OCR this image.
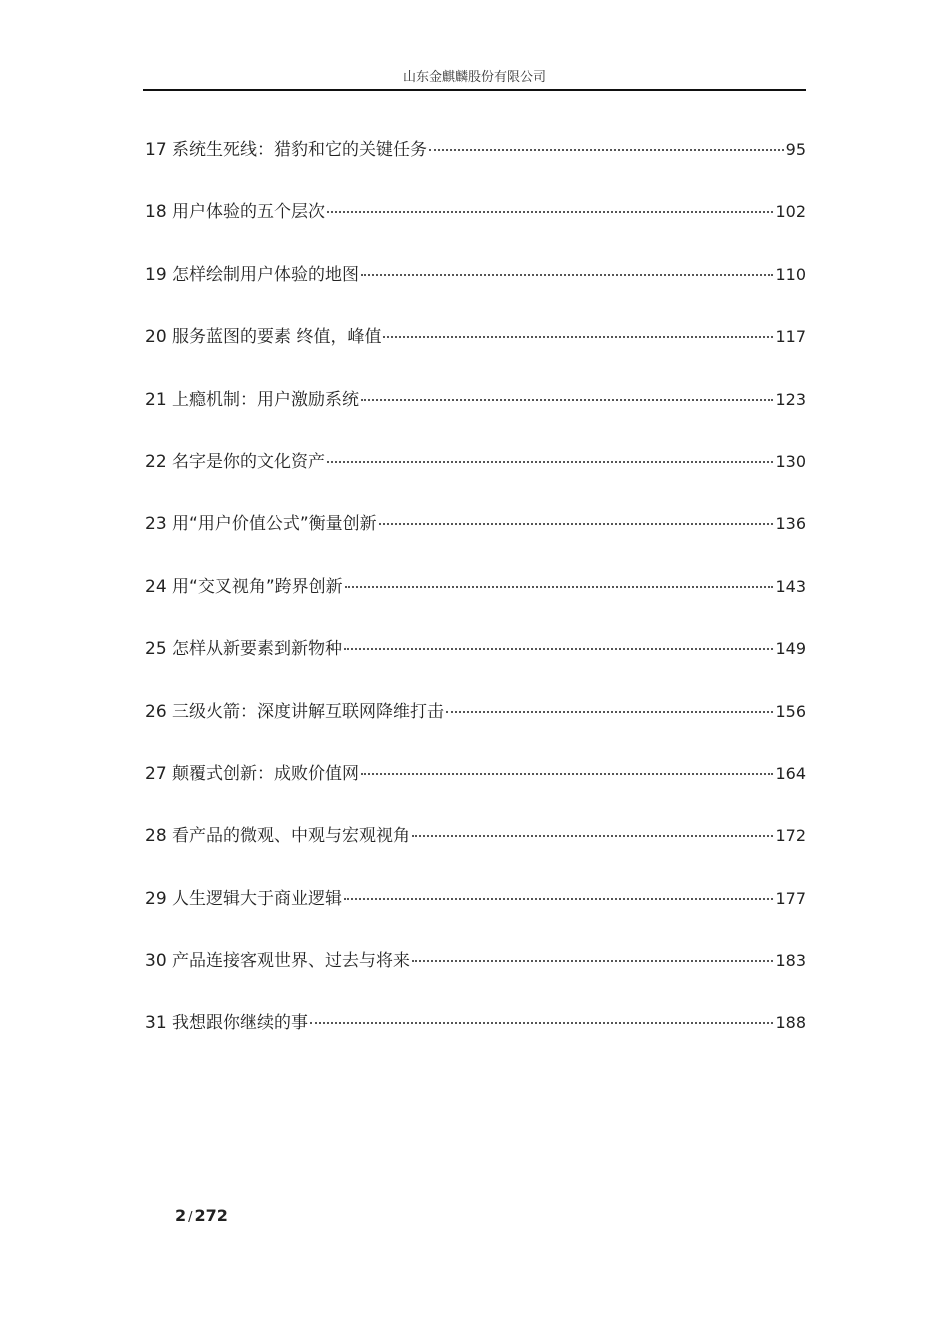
山东金麒麟股份有限公司
17 系统生死线：猎豹和它的关键任务	95
18 用户体验的五个层次	102
19 怎样绘制用户体验的地图	110
20 服务蓝图的要素 终值，峰值	117
21 上瘾机制：用户激励系统	123
22 名字是你的文化资产	130
23 用“用户价值公式”衡量创新	136
24 用“交叉视角”跨界创新	143
25 怎样从新要素到新物种	149
26 三级火箭：深度讲解互联网降维打击	156
27 颠覆式创新：成败价值网	164
28 看产品的微观、中观与宏观视角	172
29 人生逻辑大于商业逻辑	177
30 产品连接客观世界、过去与将来	183
31 我想跟你继续的事	188
2 / 272
